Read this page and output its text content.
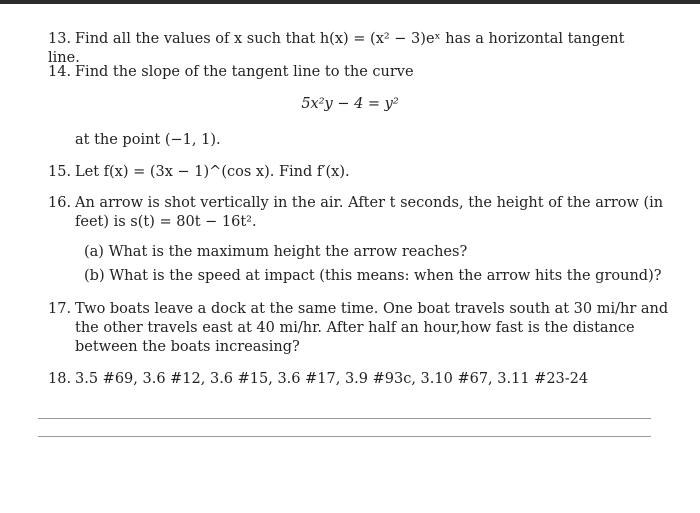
13. Find all the values of x such that h(x) = (x² − 3)eˣ has a horizontal tangent line.
14. Find the slope of the tangent line to the curve
5x²y − 4 = y²
at the point (−1, 1).
15. Let f(x) = (3x − 1)^(cos x). Find f′(x).
16. An arrow is shot vertically in the air. After t seconds, the height of the arrow (in feet) is s(t) = 80t − 16t².
(a) What is the maximum height the arrow reaches?
(b) What is the speed at impact (this means: when the arrow hits the ground)?
17. Two boats leave a dock at the same time. One boat travels south at 30 mi/hr and the other travels east at 40 mi/hr. After half an hour,how fast is the distance between the boats increasing?
18. 3.5 #69, 3.6 #12, 3.6 #15, 3.6 #17, 3.9 #93c, 3.10 #67, 3.11 #23-24
